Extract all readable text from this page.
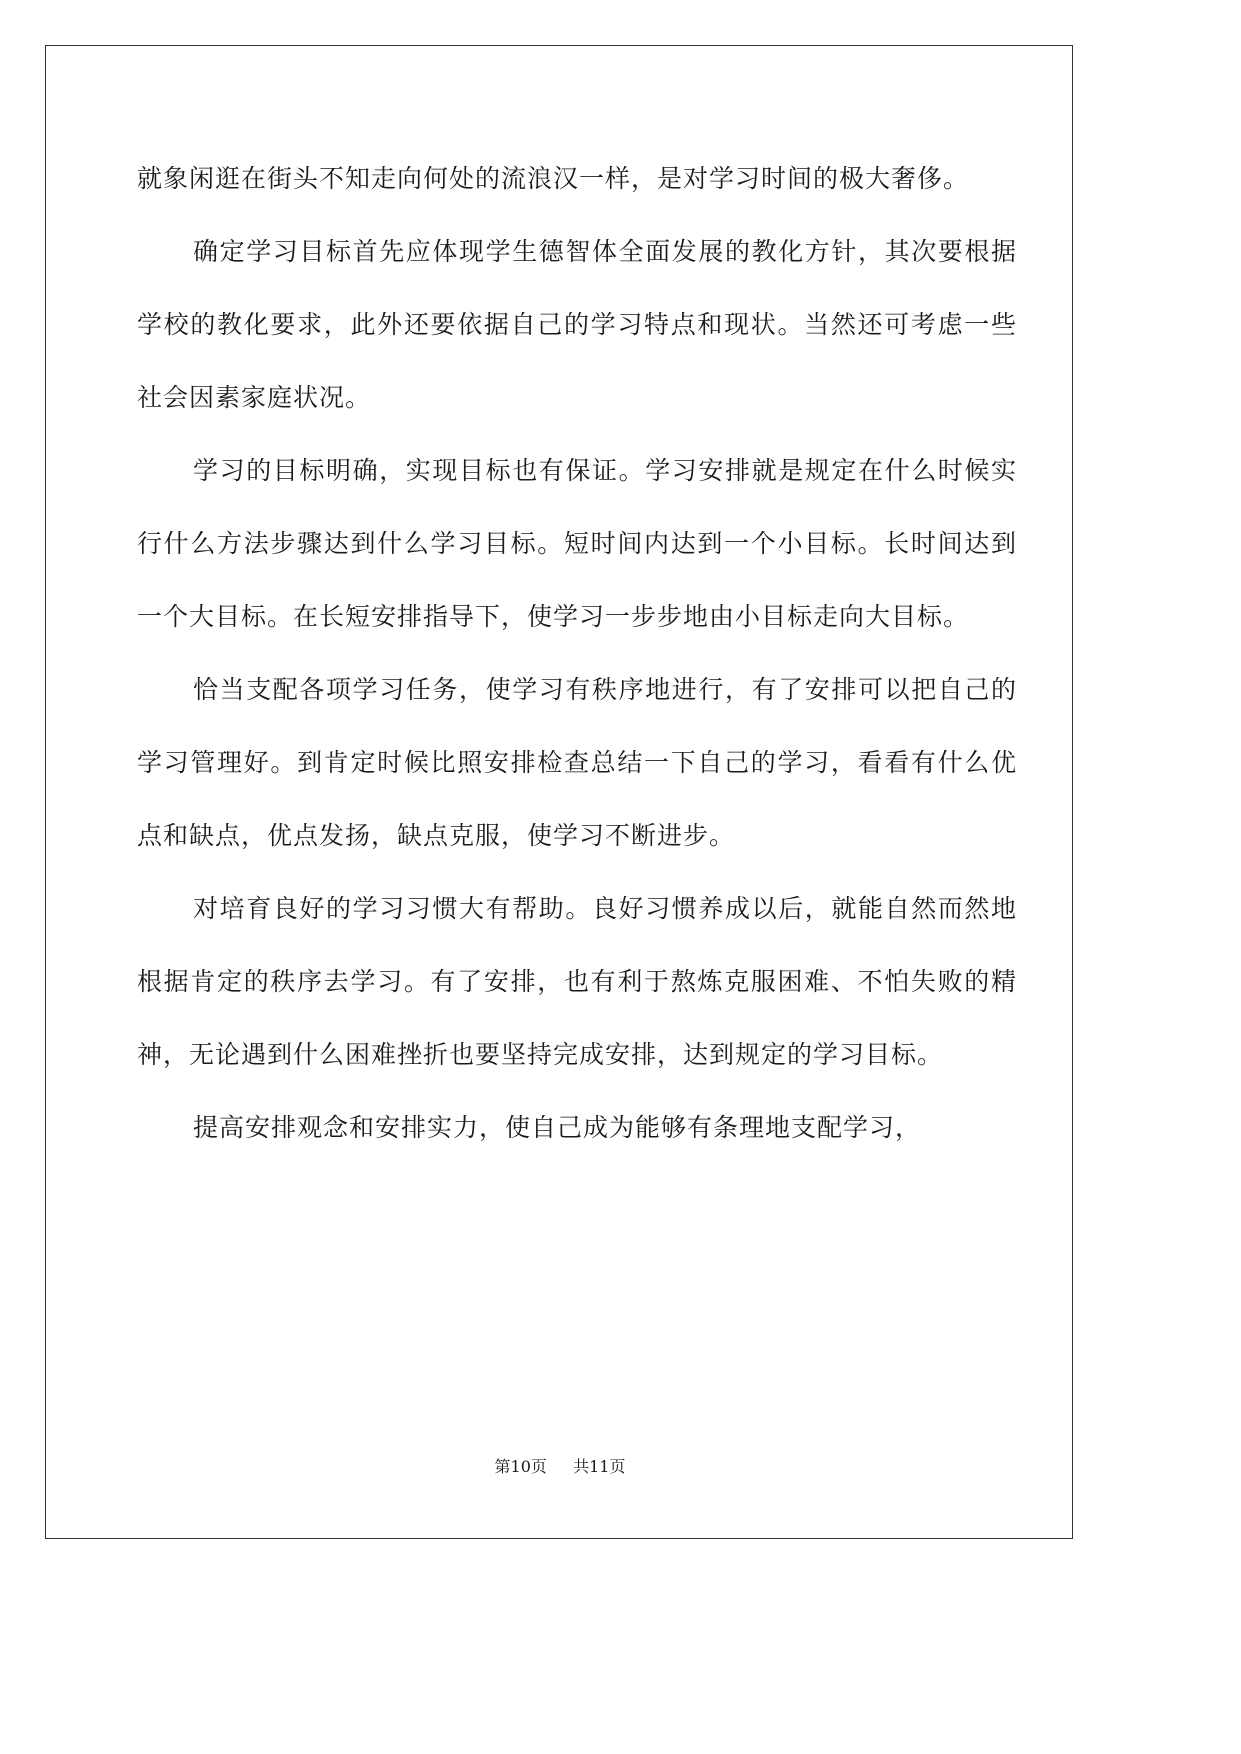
就象闲逛在街头不知走向何处的流浪汉一样，是对学习时间的极大奢侈。

确定学习目标首先应体现学生德智体全面发展的教化方针，其次要根据学校的教化要求，此外还要依据自己的学习特点和现状。当然还可考虑一些社会因素家庭状况。

学习的目标明确，实现目标也有保证。学习安排就是规定在什么时候实行什么方法步骤达到什么学习目标。短时间内达到一个小目标。长时间达到一个大目标。在长短安排指导下，使学习一步步地由小目标走向大目标。

恰当支配各项学习任务，使学习有秩序地进行，有了安排可以把自己的学习管理好。到肯定时候比照安排检查总结一下自己的学习，看看有什么优点和缺点，优点发扬，缺点克服，使学习不断进步。

对培育良好的学习习惯大有帮助。良好习惯养成以后，就能自然而然地根据肯定的秩序去学习。有了安排，也有利于熬炼克服困难、不怕失败的精神，无论遇到什么困难挫折也要坚持完成安排，达到规定的学习目标。

提高安排观念和安排实力，使自己成为能够有条理地支配学习，

第10页 共11页
